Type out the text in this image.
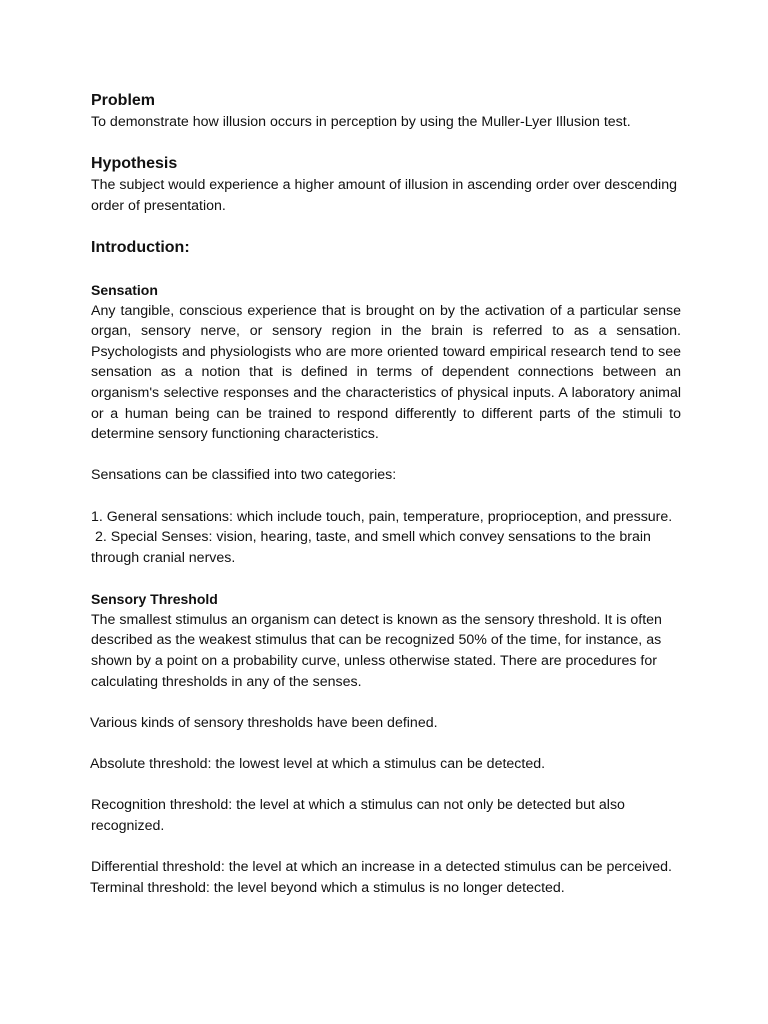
Problem

To demonstrate how illusion occurs in perception by using the Muller-Lyer Illusion test.

Hypothesis

The subject would experience a higher amount of illusion in ascending order over descending order of presentation.

Introduction:

Sensation

Any tangible, conscious experience that is brought on by the activation of a particular sense organ, sensory nerve, or sensory region in the brain is referred to as a sensation. Psychologists and physiologists who are more oriented toward empirical research tend to see sensation as a notion that is defined in terms of dependent connections between an organism's selective responses and the characteristics of physical inputs. A laboratory animal or a human being can be trained to respond differently to different parts of the stimuli to determine sensory functioning characteristics.

Sensations can be classified into two categories:

1. General sensations: which include touch, pain, temperature, proprioception, and pressure.

2. Special Senses: vision, hearing, taste, and smell which convey sensations to the brain through cranial nerves.

Sensory Threshold

The smallest stimulus an organism can detect is known as the sensory threshold. It is often described as the weakest stimulus that can be recognized 50% of the time, for instance, as shown by a point on a probability curve, unless otherwise stated. There are procedures for calculating thresholds in any of the senses.

Various kinds of sensory thresholds have been defined.

Absolute threshold: the lowest level at which a stimulus can be detected.

Recognition threshold: the level at which a stimulus can not only be detected but also recognized.

Differential threshold: the level at which an increase in a detected stimulus can be perceived.

Terminal threshold: the level beyond which a stimulus is no longer detected.
